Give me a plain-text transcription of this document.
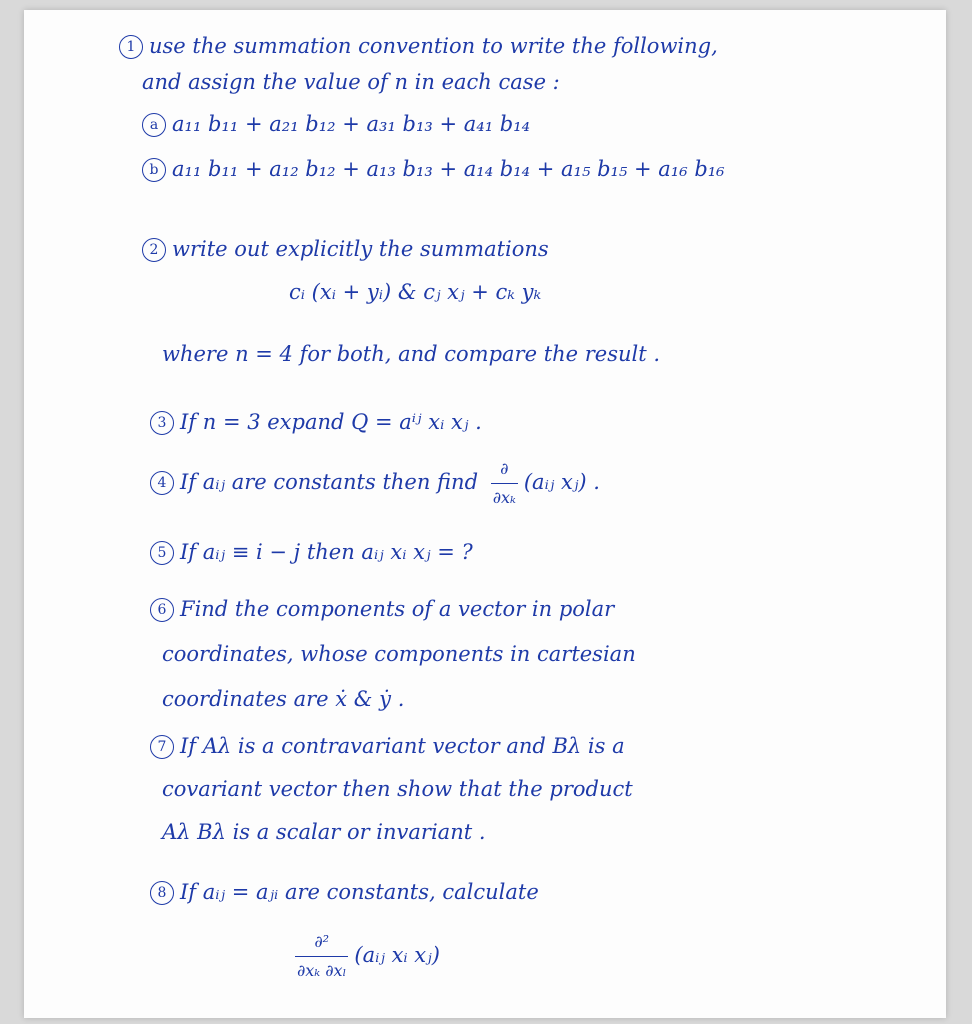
1 use the summation convention to write the following,
and assign the value of n in each case :
a a₁₁ b₁₁ + a₂₁ b₁₂ + a₃₁ b₁₃ + a₄₁ b₁₄
b a₁₁ b₁₁ + a₁₂ b₁₂ + a₁₃ b₁₃ + a₁₄ b₁₄ + a₁₅ b₁₅ + a₁₆ b₁₆
2 write out explicitly the summations
cᵢ (xᵢ + yᵢ) & cⱼ xⱼ + cₖ yₖ
where n = 4 for both, and compare the result .
3 If n = 3 expand Q = aⁱʲ xᵢ xⱼ .
4 If aᵢⱼ are constants then find $\frac{\partial}{\text{∂xₖ}}$ (aᵢⱼ xⱼ) .
5 If aᵢⱼ ≡ i − j then aᵢⱼ xᵢ xⱼ = ?
6 Find the components of a vector in polar
coordinates, whose components in cartesian
coordinates are ẋ & ẏ .
7 If Aλ is a contravariant vector and Bλ is a
covariant vector then show that the product
Aλ Bλ is a scalar or invariant .
8 If aᵢⱼ = aⱼᵢ are constants, calculate
$\frac{\text{∂²}}{\text{∂xₖ ∂xₗ}}$ (aᵢⱼ xᵢ xⱼ)
